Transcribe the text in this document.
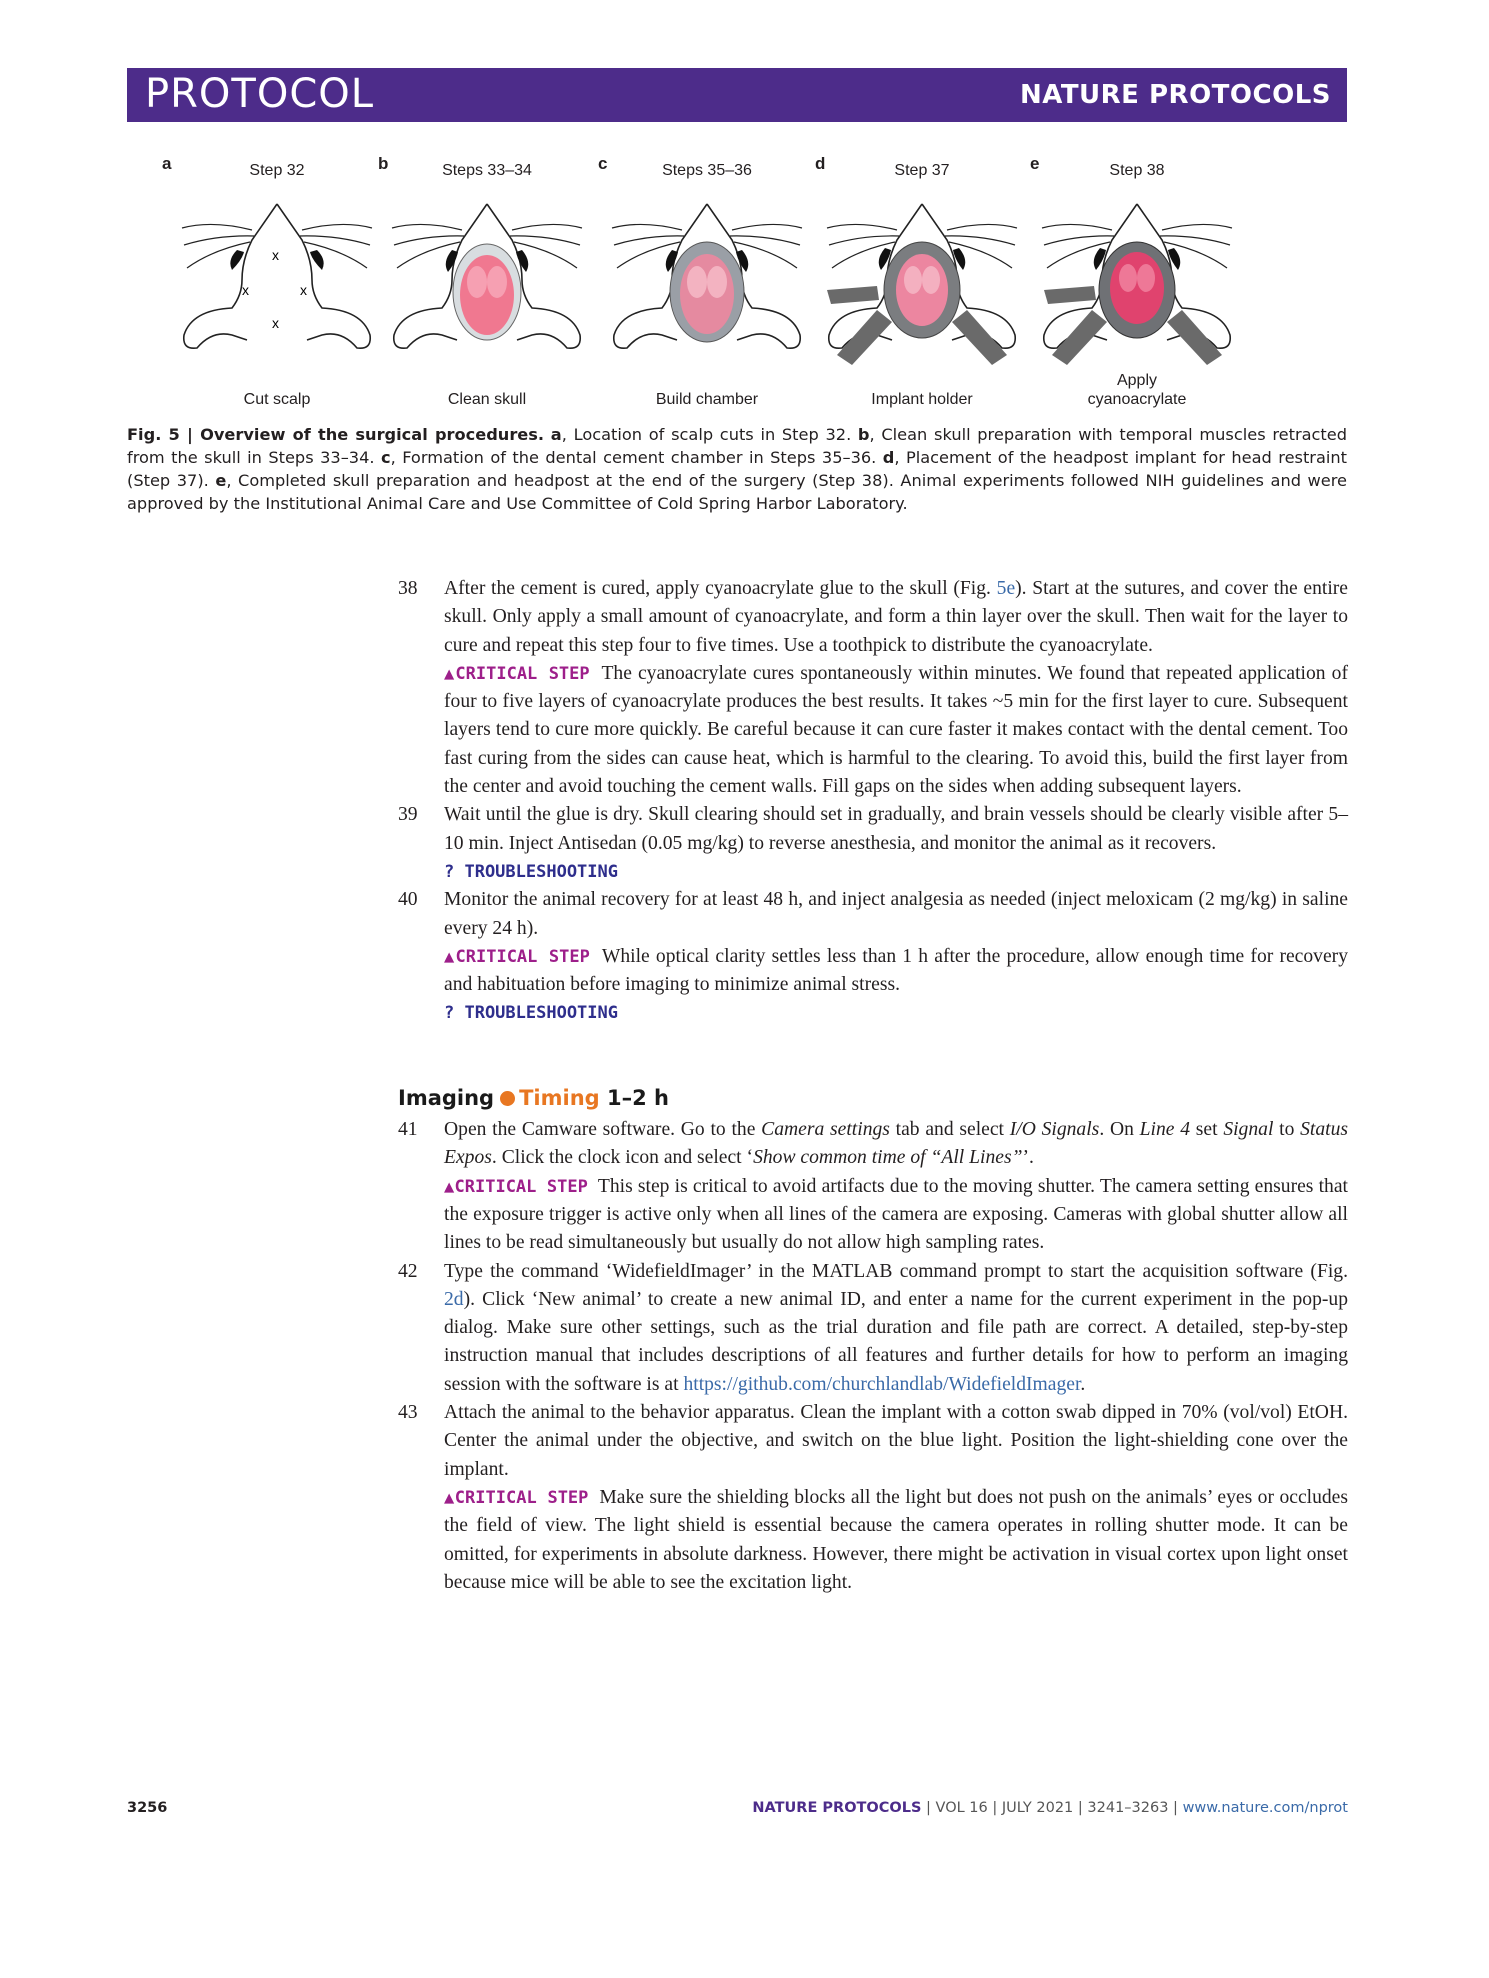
PROTOCOL	NATURE PROTOCOLS
a	Step 32
x
x	x
x
Cut scalp
b	Steps 33–34
Clean skull
c	Steps 35–36
Build chamber
d	Step 37
Implant holder
e	Step 38
Apply
cyanoacrylate
Fig. 5 | Overview of the surgical procedures. a, Location of scalp cuts in Step 32. b, Clean skull preparation with temporal muscles retracted from the skull in Steps 33–34. c, Formation of the dental cement chamber in Steps 35–36. d, Placement of the headpost implant for head restraint (Step 37). e, Completed skull preparation and headpost at the end of the surgery (Step 38). Animal experiments followed NIH guidelines and were approved by the Institutional Animal Care and Use Committee of Cold Spring Harbor Laboratory.
38 After the cement is cured, apply cyanoacrylate glue to the skull (Fig. 5e). Start at the sutures, and cover the entire skull. Only apply a small amount of cyanoacrylate, and form a thin layer over the skull. Then wait for the layer to cure and repeat this step four to five times. Use a toothpick to distribute the cyanoacrylate.
▲CRITICAL STEP The cyanoacrylate cures spontaneously within minutes. We found that repeated application of four to five layers of cyanoacrylate produces the best results. It takes ~5 min for the first layer to cure. Subsequent layers tend to cure more quickly. Be careful because it can cure faster it makes contact with the dental cement. Too fast curing from the sides can cause heat, which is harmful to the clearing. To avoid this, build the first layer from the center and avoid touching the cement walls. Fill gaps on the sides when adding subsequent layers.
39 Wait until the glue is dry. Skull clearing should set in gradually, and brain vessels should be clearly visible after 5–10 min. Inject Antisedan (0.05 mg/kg) to reverse anesthesia, and monitor the animal as it recovers.
? TROUBLESHOOTING
40 Monitor the animal recovery for at least 48 h, and inject analgesia as needed (inject meloxicam (2 mg/kg) in saline every 24 h).
▲CRITICAL STEP While optical clarity settles less than 1 h after the procedure, allow enough time for recovery and habituation before imaging to minimize animal stress.
? TROUBLESHOOTING
Imaging Timing 1–2 h
41 Open the Camware software. Go to the Camera settings tab and select I/O Signals. On Line 4 set Signal to Status Expos. Click the clock icon and select ‘Show common time of “All Lines”’.
▲CRITICAL STEP This step is critical to avoid artifacts due to the moving shutter. The camera setting ensures that the exposure trigger is active only when all lines of the camera are exposing. Cameras with global shutter allow all lines to be read simultaneously but usually do not allow high sampling rates.
42 Type the command ‘WidefieldImager’ in the MATLAB command prompt to start the acquisition software (Fig. 2d). Click ‘New animal’ to create a new animal ID, and enter a name for the current experiment in the pop-up dialog. Make sure other settings, such as the trial duration and file path are correct. A detailed, step-by-step instruction manual that includes descriptions of all features and further details for how to perform an imaging session with the software is at https://github.com/churchlandlab/WidefieldImager.
43 Attach the animal to the behavior apparatus. Clean the implant with a cotton swab dipped in 70% (vol/vol) EtOH. Center the animal under the objective, and switch on the blue light. Position the light-shielding cone over the implant.
▲CRITICAL STEP Make sure the shielding blocks all the light but does not push on the animals’ eyes or occludes the field of view. The light shield is essential because the camera operates in rolling shutter mode. It can be omitted, for experiments in absolute darkness. However, there might be activation in visual cortex upon light onset because mice will be able to see the excitation light.
3256	NATURE PROTOCOLS | VOL 16 | JULY 2021 | 3241–3263 | www.nature.com/nprot
